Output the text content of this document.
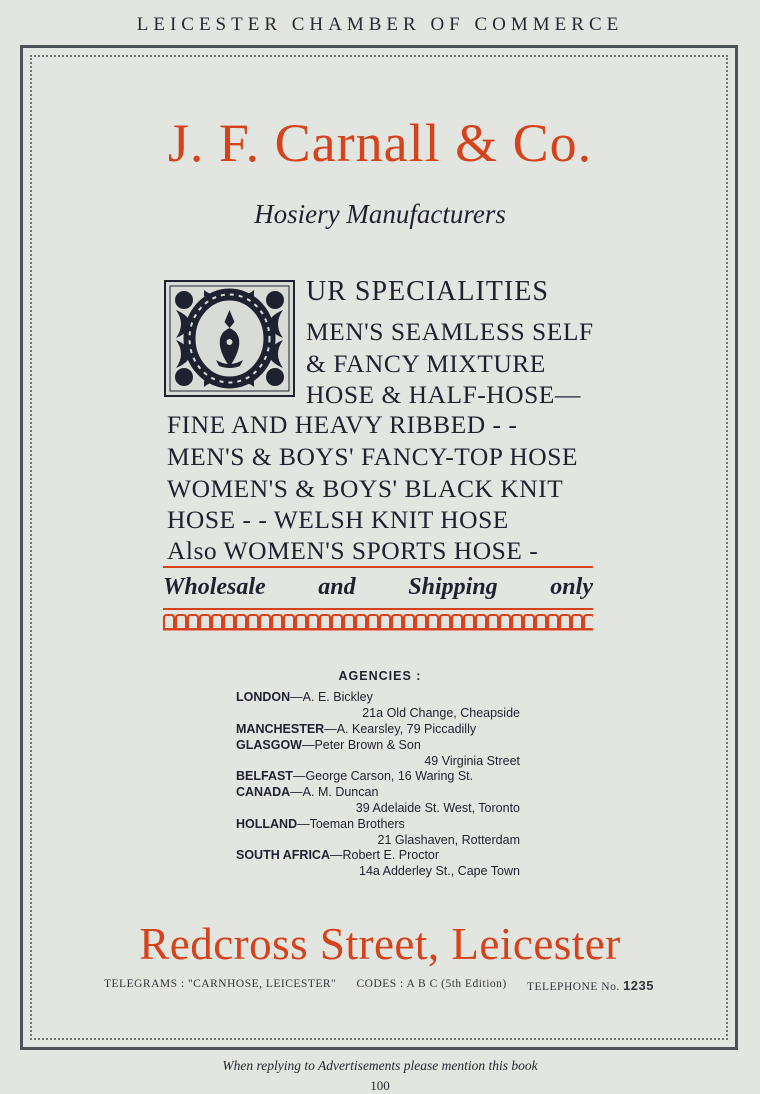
LEICESTER CHAMBER OF COMMERCE
J. F. Carnall & Co.
Hosiery Manufacturers
UR SPECIALITIES
MEN'S SEAMLESS SELF
& FANCY MIXTURE
HOSE & HALF-HOSE—
FINE AND HEAVY RIBBED - -
MEN'S & BOYS' FANCY-TOP HOSE
WOMEN'S & BOYS' BLACK KNIT
HOSE - - WELSH KNIT HOSE
Also WOMEN'S SPORTS HOSE -
Wholesale and Shipping only
AGENCIES :
LONDON—A. E. Bickley
21a Old Change, Cheapside
MANCHESTER—A. Kearsley, 79 Piccadilly
GLASGOW—Peter Brown & Son
49 Virginia Street
BELFAST—George Carson, 16 Waring St.
CANADA—A. M. Duncan
39 Adelaide St. West, Toronto
HOLLAND—Toeman Brothers
21 Glashaven, Rotterdam
SOUTH AFRICA—Robert E. Proctor
14a Adderley St., Cape Town
Redcross Street, Leicester
TELEGRAMS : "CARNHOSE, LEICESTER" CODES : A B C (5th Edition) TELEPHONE No. 1235
When replying to Advertisements please mention this book
100
